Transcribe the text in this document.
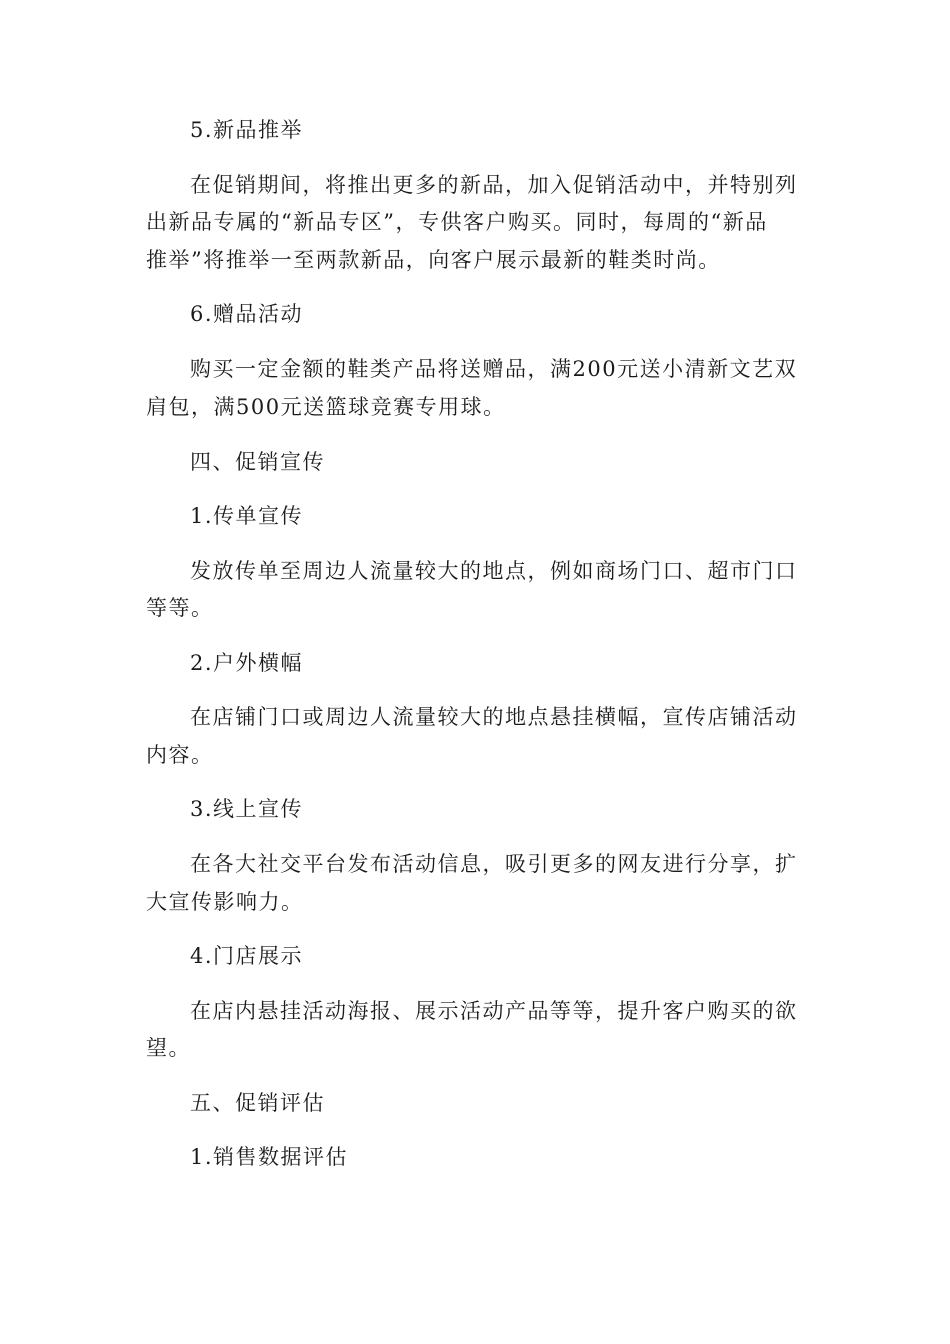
5.新品推举
在促销期间，将推出更多的新品，加入促销活动中，并特别列
出新品专属的“新品专区”，专供客户购买。同时，每周的“新品
推举”将推举一至两款新品，向客户展示最新的鞋类时尚。
6.赠品活动
购买一定金额的鞋类产品将送赠品，满200元送小清新文艺双
肩包，满500元送篮球竞赛专用球。
四、促销宣传
1.传单宣传
发放传单至周边人流量较大的地点，例如商场门口、超市门口
等等。
2.户外横幅
在店铺门口或周边人流量较大的地点悬挂横幅，宣传店铺活动
内容。
3.线上宣传
在各大社交平台发布活动信息，吸引更多的网友进行分享，扩
大宣传影响力。
4.门店展示
在店内悬挂活动海报、展示活动产品等等，提升客户购买的欲
望。
五、促销评估
1.销售数据评估
